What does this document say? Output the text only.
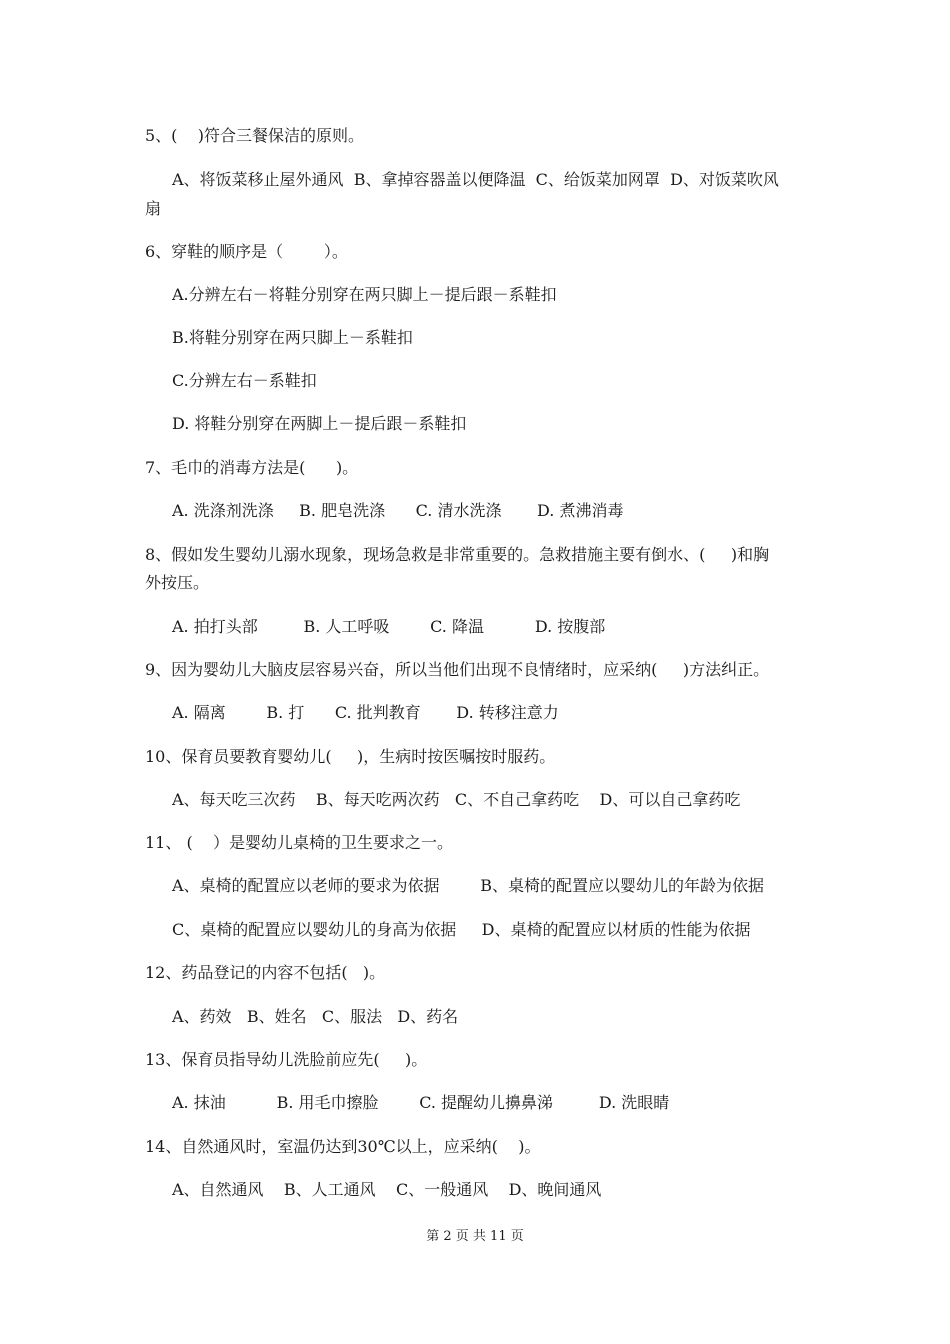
5、(    )符合三餐保洁的原则。

A、将饭菜移止屋外通风  B、拿掉容器盖以便降温  C、给饭菜加网罩  D、对饭菜吹风

扇

6、穿鞋的顺序是（        ）。

A.分辨左右－将鞋分别穿在两只脚上－提后跟－系鞋扣

B.将鞋分别穿在两只脚上－系鞋扣

C.分辨左右－系鞋扣

D. 将鞋分别穿在两脚上－提后跟－系鞋扣

7、毛巾的消毒方法是(      )。

A. 洗涤剂洗涤     B. 肥皂洗涤      C. 清水洗涤       D. 煮沸消毒

8、假如发生婴幼儿溺水现象，现场急救是非常重要的。急救措施主要有倒水、(     )和胸

外按压。

A. 拍打头部         B. 人工呼吸        C. 降温          D. 按腹部

9、因为婴幼儿大脑皮层容易兴奋，所以当他们出现不良情绪时，应采纳(     )方法纠正。

A. 隔离        B. 打      C. 批判教育       D. 转移注意力

10、保育员要教育婴幼儿(     )，生病时按医嘱按时服药。

A、每天吃三次药    B、每天吃两次药   C、不自己拿药吃    D、可以自己拿药吃

11、 (    ）是婴幼儿桌椅的卫生要求之一。

A、桌椅的配置应以老师的要求为依据        B、桌椅的配置应以婴幼儿的年龄为依据

C、桌椅的配置应以婴幼儿的身高为依据     D、桌椅的配置应以材质的性能为依据

12、药品登记的内容不包括(   )。

A、药效   B、姓名   C、服法   D、药名

13、保育员指导幼儿洗脸前应先(     )。

A. 抹油          B. 用毛巾擦脸        C. 提醒幼儿擤鼻涕         D. 洗眼睛

14、自然通风时，室温仍达到30℃以上，应采纳(    )。

A、自然通风    B、人工通风    C、一般通风    D、晚间通风

第 2 页 共 11 页
